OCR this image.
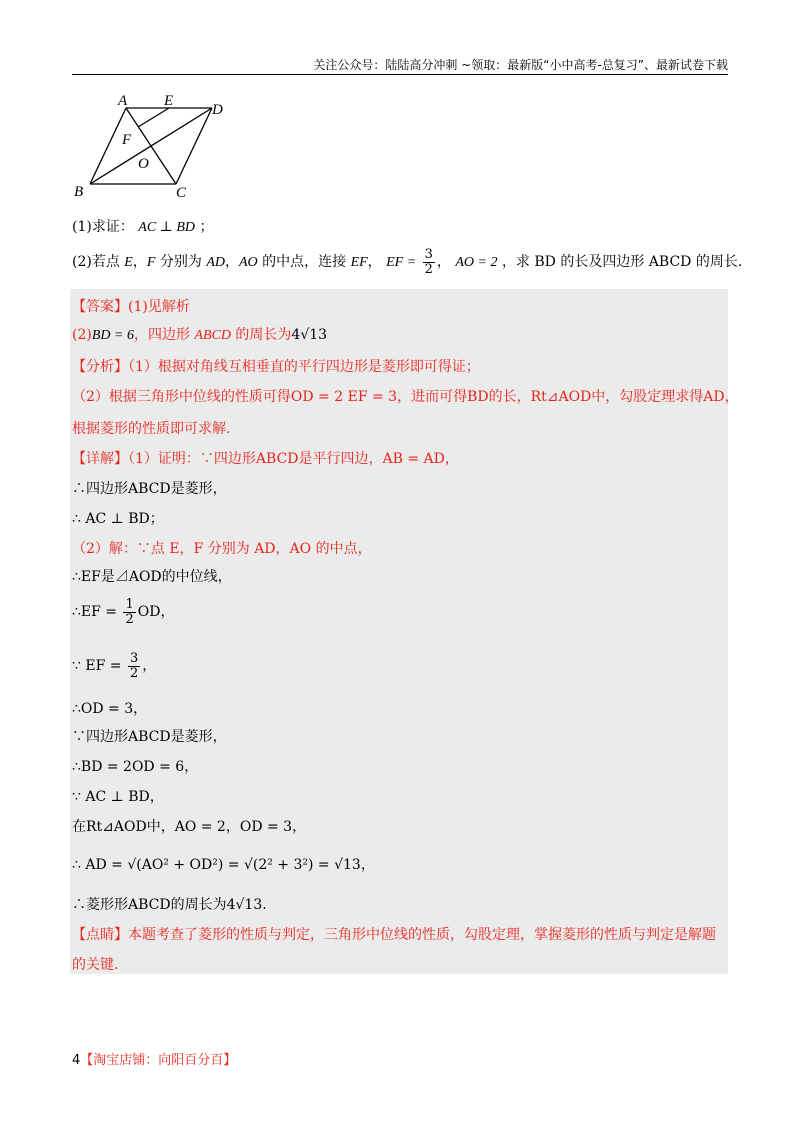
关注公众号：陆陆高分冲刺 ~领取：最新版“小中高考-总复习”、最新试卷下载
A E
D
F
O
B	C
(1)求证： AC ⊥ BD ；
(2)若点 E，F 分别为 AD，AO 的中点，连接 EF， EF = $\frac{3}{2}$ ， AO = 2 ，求 BD 的长及四边形 ABCD 的周长.
【答案】(1)见解析
(2)BD = 6，四边形 ABCD 的周长为4√13
【分析】（1）根据对角线互相垂直的平行四边形是菱形即可得证；
（2）根据三角形中位线的性质可得OD = 2 EF = 3，进而可得BD的长，Rt⊿AOD中，勾股定理求得AD，
根据菱形的性质即可求解.
【详解】（1）证明：∵四边形ABCD是平行四边，AB = AD，
∴四边形ABCD是菱形，
∴ AC ⊥ BD；
（2）解：∵点 E，F 分别为 AD，AO 的中点，
∴EF是⊿AOD的中位线，
∴EF = $\frac{1}{2}$ OD，
∵ EF = $\frac{3}{2}$ ，
∴OD = 3，
∵四边形ABCD是菱形，
∴BD = 2OD = 6，
∵ AC ⊥ BD，
在Rt⊿AOD中，AO = 2，OD = 3，
∴ AD = √(AO² + OD²) = √(2² + 3²) = √13，
∴菱形形ABCD的周长为4√13.
【点睛】本题考查了菱形的性质与判定，三角形中位线的性质，勾股定理，掌握菱形的性质与判定是解题
的关键.
4【淘宝店铺：向阳百分百】
